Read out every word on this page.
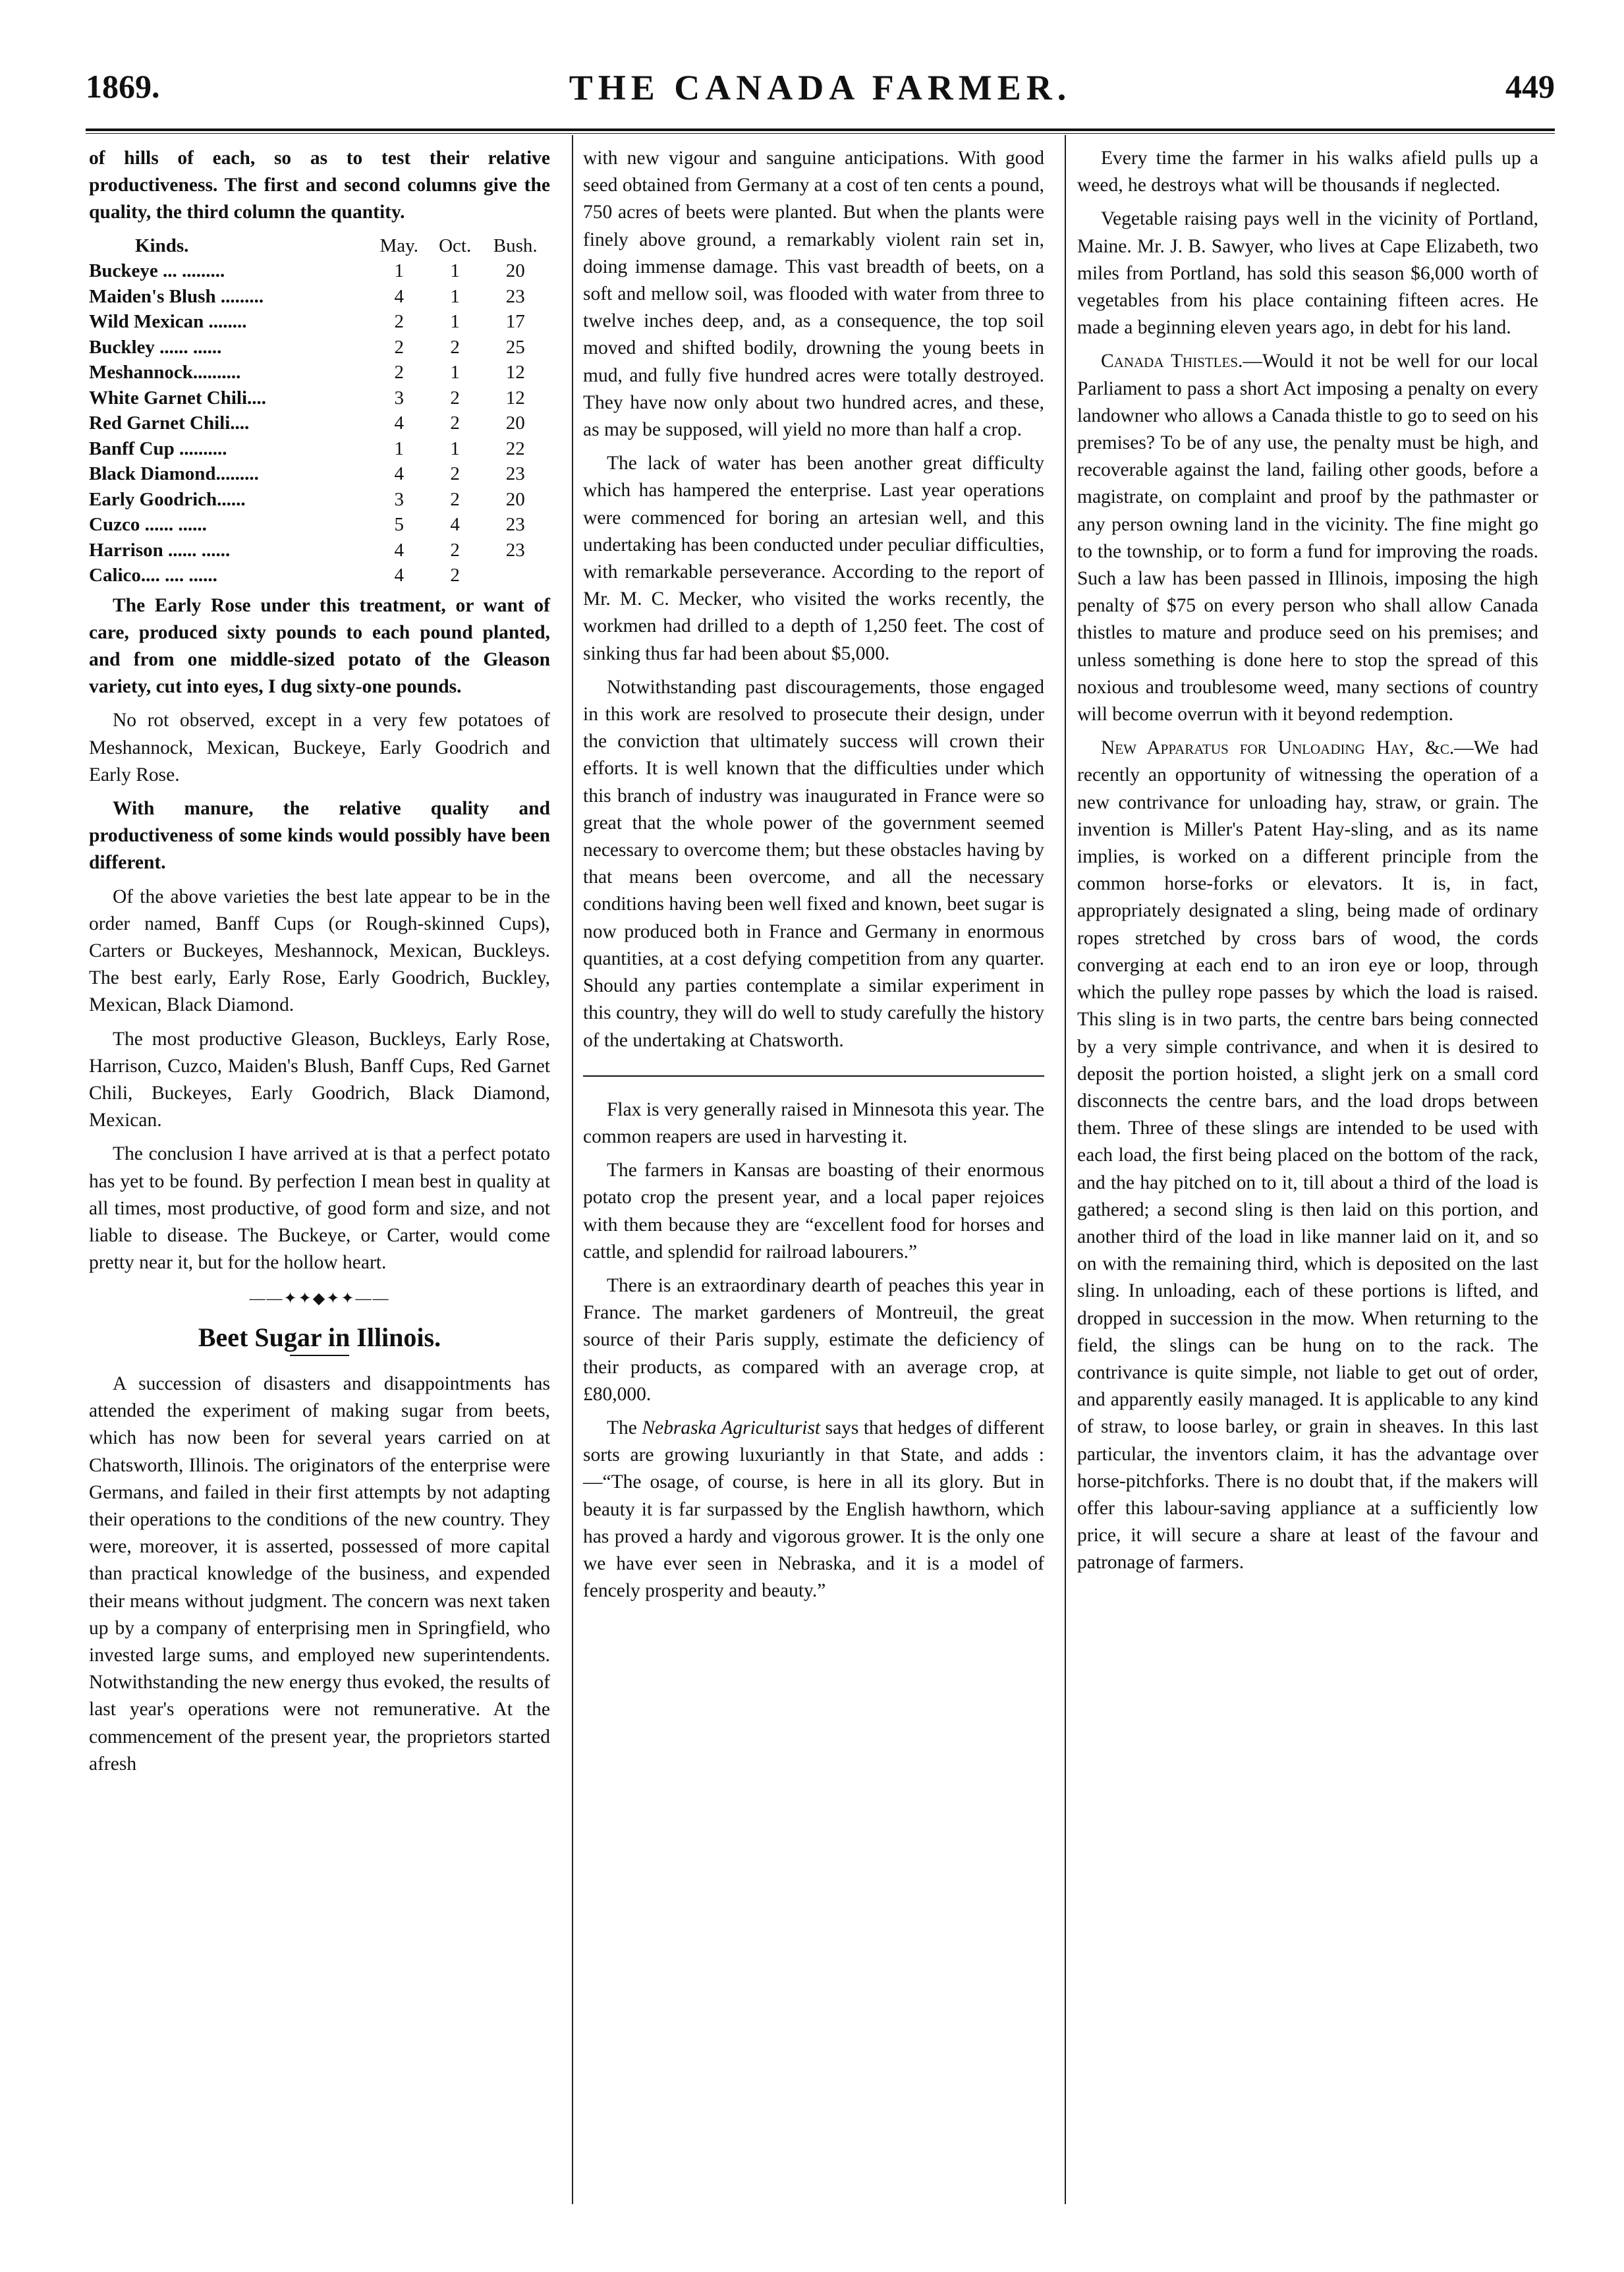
1869.	THE CANADA FARMER.	449

of hills of each, so as to test their relative productiveness. The first and second columns give the quality, the third column the quantity.

Kinds.	May.	Oct.	Bush.
Buckeye ... .........	1	1	20
Maiden's Blush .........	4	1	23
Wild Mexican ........	2	1	17
Buckley ...... ......	2	2	25
Meshannock..........	2	1	12
White Garnet Chili....	3	2	12
Red Garnet Chili....	4	2	20
Banff Cup ..........	1	1	22
Black Diamond.........	4	2	23
Early Goodrich......	3	2	20
Cuzco ...... ......	5	4	23
Harrison ...... ......	4	2	23
Calico.... .... ......	4	2	

The Early Rose under this treatment, or want of care, produced sixty pounds to each pound planted, and from one middle-sized potato of the Gleason variety, cut into eyes, I dug sixty-one pounds.

No rot observed, except in a very few potatoes of Meshannock, Mexican, Buckeye, Early Goodrich and Early Rose.

With manure, the relative quality and productiveness of some kinds would possibly have been different.

Of the above varieties the best late appear to be in the order named, Banff Cups (or Rough-skinned Cups), Carters or Buckeyes, Meshannock, Mexican, Buckleys. The best early, Early Rose, Early Goodrich, Buckley, Mexican, Black Diamond.

The most productive Gleason, Buckleys, Early Rose, Harrison, Cuzco, Maiden's Blush, Banff Cups, Red Garnet Chili, Buckeyes, Early Goodrich, Black Diamond, Mexican.

The conclusion I have arrived at is that a perfect potato has yet to be found. By perfection I mean best in quality at all times, most productive, of good form and size, and not liable to disease. The Buckeye, or Carter, would come pretty near it, but for the hollow heart.

——✦✦◆✦✦——
Beet Sugar in Illinois.

A succession of disasters and disappointments has attended the experiment of making sugar from beets, which has now been for several years carried on at Chatsworth, Illinois. The originators of the enterprise were Germans, and failed in their first attempts by not adapting their operations to the conditions of the new country. They were, moreover, it is asserted, possessed of more capital than practical knowledge of the business, and expended their means without judgment. The concern was next taken up by a company of enterprising men in Springfield, who invested large sums, and employed new superintendents. Notwithstanding the new energy thus evoked, the results of last year's operations were not remunerative. At the commencement of the present year, the proprietors started afresh

with new vigour and sanguine anticipations. With good seed obtained from Germany at a cost of ten cents a pound, 750 acres of beets were planted. But when the plants were finely above ground, a remarkably violent rain set in, doing immense damage. This vast breadth of beets, on a soft and mellow soil, was flooded with water from three to twelve inches deep, and, as a consequence, the top soil moved and shifted bodily, drowning the young beets in mud, and fully five hundred acres were totally destroyed. They have now only about two hundred acres, and these, as may be supposed, will yield no more than half a crop.

The lack of water has been another great difficulty which has hampered the enterprise. Last year operations were commenced for boring an artesian well, and this undertaking has been conducted under peculiar difficulties, with remarkable perseverance. According to the report of Mr. M. C. Mecker, who visited the works recently, the workmen had drilled to a depth of 1,250 feet. The cost of sinking thus far had been about $5,000.

Notwithstanding past discouragements, those engaged in this work are resolved to prosecute their design, under the conviction that ultimately success will crown their efforts. It is well known that the difficulties under which this branch of industry was inaugurated in France were so great that the whole power of the government seemed necessary to overcome them; but these obstacles having by that means been overcome, and all the necessary conditions having been well fixed and known, beet sugar is now produced both in France and Germany in enormous quantities, at a cost defying competition from any quarter. Should any parties contemplate a similar experiment in this country, they will do well to study carefully the history of the undertaking at Chatsworth.

Flax is very generally raised in Minnesota this year. The common reapers are used in harvesting it.

The farmers in Kansas are boasting of their enormous potato crop the present year, and a local paper rejoices with them because they are “excellent food for horses and cattle, and splendid for railroad labourers.”

There is an extraordinary dearth of peaches this year in France. The market gardeners of Montreuil, the great source of their Paris supply, estimate the deficiency of their products, as compared with an average crop, at £80,000.

The Nebraska Agriculturist says that hedges of different sorts are growing luxuriantly in that State, and adds :—“The osage, of course, is here in all its glory. But in beauty it is far surpassed by the English hawthorn, which has proved a hardy and vigorous grower. It is the only one we have ever seen in Nebraska, and it is a model of fencely prosperity and beauty.”

Every time the farmer in his walks afield pulls up a weed, he destroys what will be thousands if neglected.

Vegetable raising pays well in the vicinity of Portland, Maine. Mr. J. B. Sawyer, who lives at Cape Elizabeth, two miles from Portland, has sold this season $6,000 worth of vegetables from his place containing fifteen acres. He made a beginning eleven years ago, in debt for his land.

Canada Thistles.—Would it not be well for our local Parliament to pass a short Act imposing a penalty on every landowner who allows a Canada thistle to go to seed on his premises? To be of any use, the penalty must be high, and recoverable against the land, failing other goods, before a magistrate, on complaint and proof by the pathmaster or any person owning land in the vicinity. The fine might go to the township, or to form a fund for improving the roads. Such a law has been passed in Illinois, imposing the high penalty of $75 on every person who shall allow Canada thistles to mature and produce seed on his premises; and unless something is done here to stop the spread of this noxious and troublesome weed, many sections of country will become overrun with it beyond redemption.

New Apparatus for Unloading Hay, &c.—We had recently an opportunity of witnessing the operation of a new contrivance for unloading hay, straw, or grain. The invention is Miller's Patent Hay-sling, and as its name implies, is worked on a different principle from the common horse-forks or elevators. It is, in fact, appropriately designated a sling, being made of ordinary ropes stretched by cross bars of wood, the cords converging at each end to an iron eye or loop, through which the pulley rope passes by which the load is raised. This sling is in two parts, the centre bars being connected by a very simple contrivance, and when it is desired to deposit the portion hoisted, a slight jerk on a small cord disconnects the centre bars, and the load drops between them. Three of these slings are intended to be used with each load, the first being placed on the bottom of the rack, and the hay pitched on to it, till about a third of the load is gathered; a second sling is then laid on this portion, and another third of the load in like manner laid on it, and so on with the remaining third, which is deposited on the last sling. In unloading, each of these portions is lifted, and dropped in succession in the mow. When returning to the field, the slings can be hung on to the rack. The contrivance is quite simple, not liable to get out of order, and apparently easily managed. It is applicable to any kind of straw, to loose barley, or grain in sheaves. In this last particular, the inventors claim, it has the advantage over horse-pitchforks. There is no doubt that, if the makers will offer this labour-saving appliance at a sufficiently low price, it will secure a share at least of the favour and patronage of farmers.
